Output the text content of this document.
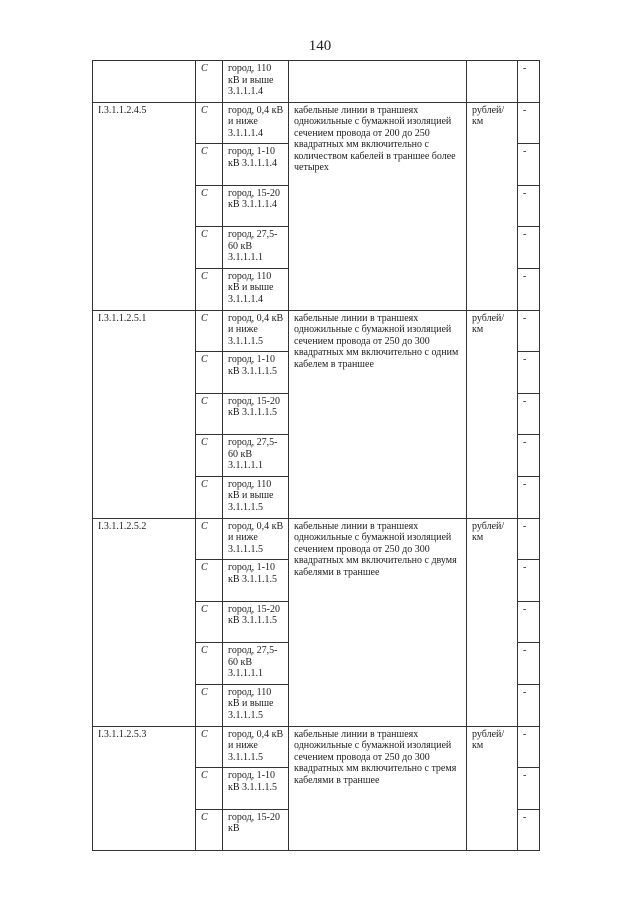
140
	С	город, 110 кВ и выше 3.1.1.1.4			-
I.3.1.1.2.4.5	С	город, 0,4 кВ и ниже 3.1.1.1.4	кабельные линии в траншеях одножильные с бумажной изоляцией сечением провода от 200 до 250 квадратных мм включительно с количеством кабелей в траншее более четырех	рублей/ км	-
	С	город, 1-10 кВ 3.1.1.1.4			-
	С	город, 15-20 кВ 3.1.1.1.4			-
	С	город, 27,5-60 кВ 3.1.1.1.1			-
	С	город, 110 кВ и выше 3.1.1.1.4			-
I.3.1.1.2.5.1	С	город, 0,4 кВ и ниже 3.1.1.1.5	кабельные линии в траншеях одножильные с бумажной изоляцией сечением провода от 250 до 300 квадратных мм включительно с одним кабелем в траншее	рублей/ км	-
	С	город, 1-10 кВ 3.1.1.1.5			-
	С	город, 15-20 кВ 3.1.1.1.5			-
	С	город, 27,5-60 кВ 3.1.1.1.1			-
	С	город, 110 кВ и выше 3.1.1.1.5			-
I.3.1.1.2.5.2	С	город, 0,4 кВ и ниже 3.1.1.1.5	кабельные линии в траншеях одножильные с бумажной изоляцией сечением провода от 250 до 300 квадратных мм включительно с двумя кабелями в траншее	рублей/ км	-
	С	город, 1-10 кВ 3.1.1.1.5			-
	С	город, 15-20 кВ 3.1.1.1.5			-
	С	город, 27,5-60 кВ 3.1.1.1.1			-
	С	город, 110 кВ и выше 3.1.1.1.5			-
I.3.1.1.2.5.3	С	город, 0,4 кВ и ниже 3.1.1.1.5	кабельные линии в траншеях одножильные с бумажной изоляцией сечением провода от 250 до 300 квадратных мм включительно с тремя кабелями в траншее	рублей/ км	-
	С	город, 1-10 кВ 3.1.1.1.5			-
	С	город, 15-20 кВ			-
